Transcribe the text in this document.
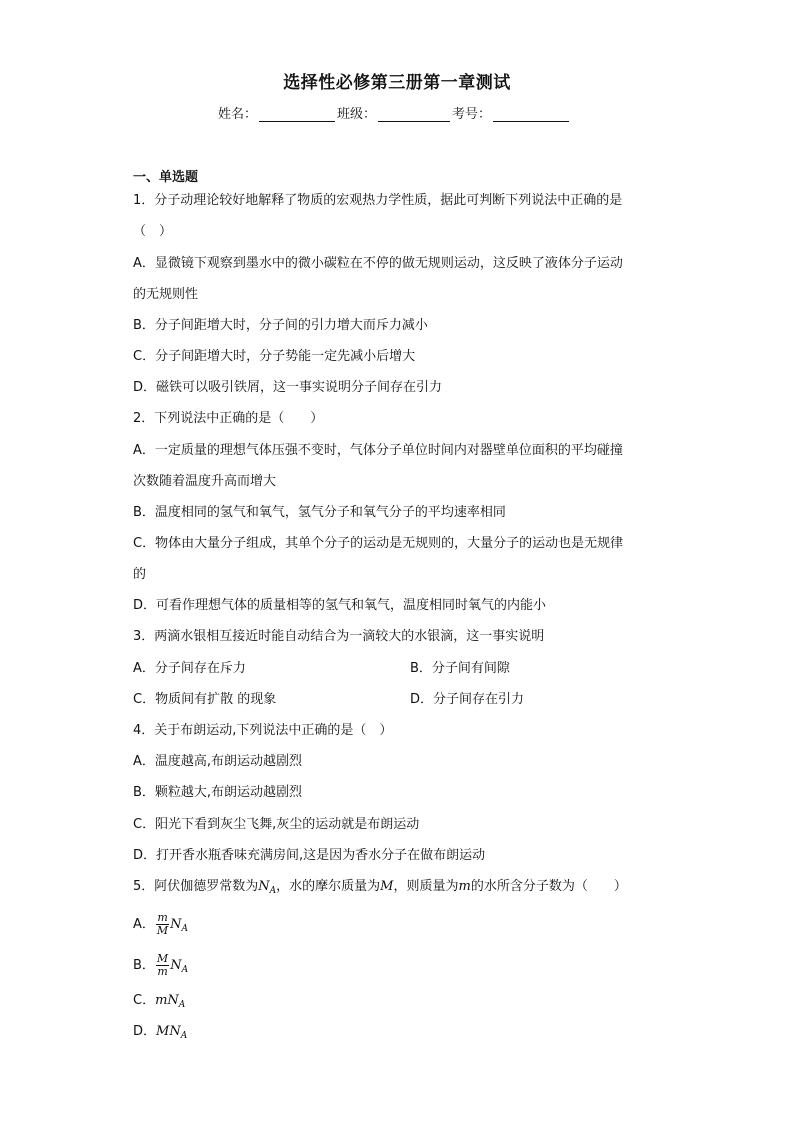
选择性必修第三册第一章测试
姓名：	班级：	考号：
一、单选题
1．分子动理论较好地解释了物质的宏观热力学性质，据此可判断下列说法中正确的是
（　）
A．显微镜下观察到墨水中的微小碳粒在不停的做无规则运动，这反映了液体分子运动
的无规则性
B．分子间距增大时，分子间的引力增大而斥力减小
C．分子间距增大时，分子势能一定先减小后增大
D．磁铁可以吸引铁屑，这一事实说明分子间存在引力
2．下列说法中正确的是（　　）
A．一定质量的理想气体压强不变时，气体分子单位时间内对器壁单位面积的平均碰撞
次数随着温度升高而增大
B．温度相同的氢气和氧气，氢气分子和氧气分子的平均速率相同
C．物体由大量分子组成，其单个分子的运动是无规则的，大量分子的运动也是无规律
的
D．可看作理想气体的质量相等的氢气和氧气，温度相同时氧气的内能小
3．两滴水银相互接近时能自动结合为一滴较大的水银滴，这一事实说明
A．分子间存在斥力	B．分子间有间隙
C．物质间有扩散 的现象	D．分子间存在引力
4．关于布朗运动,下列说法中正确的是（　）
A．温度越高,布朗运动越剧烈
B．颗粒越大,布朗运动越剧烈
C．阳光下看到灰尘飞舞,灰尘的运动就是布朗运动
D．打开香水瓶香味充满房间,这是因为香水分子在做布朗运动
5．阿伏伽德罗常数为$N_A$，水的摩尔质量为M，则质量为m的水所含分子数为（　　）
A． $\frac{m}{M} N_A$
B． $\frac{M}{m} N_A$
C．$mN_A$
D．$MN_A$
